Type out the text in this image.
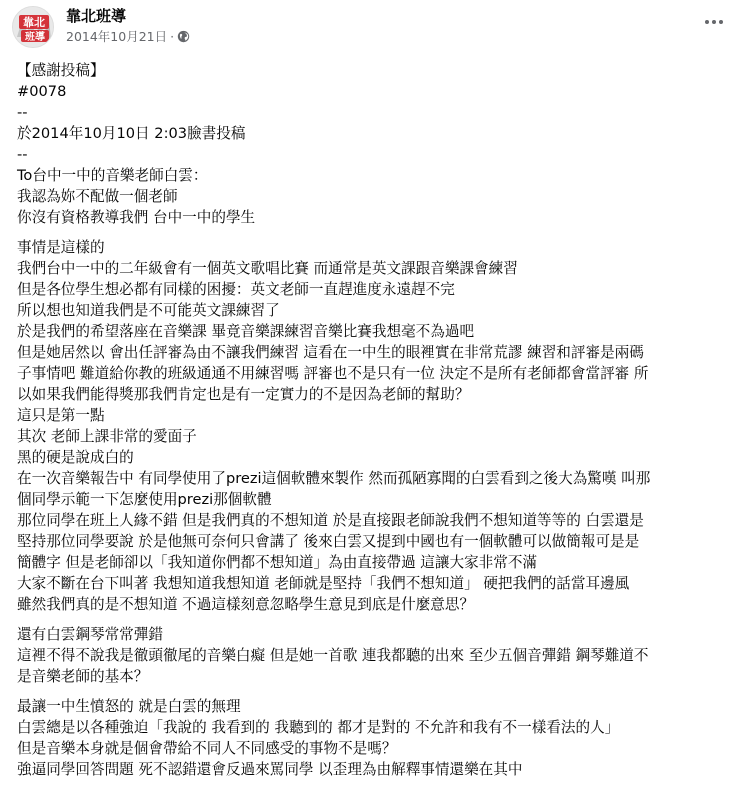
靠北
班導
靠北班導
2014年10月21日 ·
【感謝投稿】
#0078
--
於2014年10月10日 2:03臉書投稿
--
To台中一中的音樂老師白雲：
我認為妳不配做一個老師
你沒有資格教導我們 台中一中的學生
事情是這樣的
我們台中一中的二年級會有一個英文歌唱比賽 而通常是英文課跟音樂課會練習
但是各位學生想必都有同樣的困擾：英文老師一直趕進度永遠趕不完
所以想也知道我們是不可能英文課練習了
於是我們的希望落座在音樂課 畢竟音樂課練習音樂比賽我想毫不為過吧
但是她居然以 會出任評審為由不讓我們練習 這看在一中生的眼裡實在非常荒謬 練習和評審是兩碼
子事情吧 難道給你教的班級通通不用練習嗎 評審也不是只有一位 決定不是所有老師都會當評審 所
以如果我們能得獎那我們肯定也是有一定實力的不是因為老師的幫助？
這只是第一點
其次 老師上課非常的愛面子
黑的硬是說成白的
在一次音樂報告中 有同學使用了prezi這個軟體來製作 然而孤陋寡聞的白雲看到之後大為驚嘆 叫那
個同學示範一下怎麼使用prezi那個軟體
那位同學在班上人緣不錯 但是我們真的不想知道 於是直接跟老師說我們不想知道等等的 白雲還是
堅持那位同學要說 於是他無可奈何只會講了 後來白雲又提到中國也有一個軟體可以做簡報可是是
簡體字 但是老師卻以「我知道你們都不想知道」為由直接帶過 這讓大家非常不滿
大家不斷在台下叫著 我想知道我想知道 老師就是堅持「我們不想知道」 硬把我們的話當耳邊風
雖然我們真的是不想知道 不過這樣刻意忽略學生意見到底是什麼意思？
還有白雲鋼琴常常彈錯
這裡不得不說我是徹頭徹尾的音樂白癡 但是她一首歌 連我都聽的出來 至少五個音彈錯 鋼琴難道不
是音樂老師的基本？
最讓一中生憤怒的 就是白雲的無理
白雲總是以各種強迫「我說的 我看到的 我聽到的 都才是對的 不允許和我有不一樣看法的人」
但是音樂本身就是個會帶給不同人不同感受的事物不是嗎？
強逼同學回答問題 死不認錯還會反過來罵同學 以歪理為由解釋事情還樂在其中
